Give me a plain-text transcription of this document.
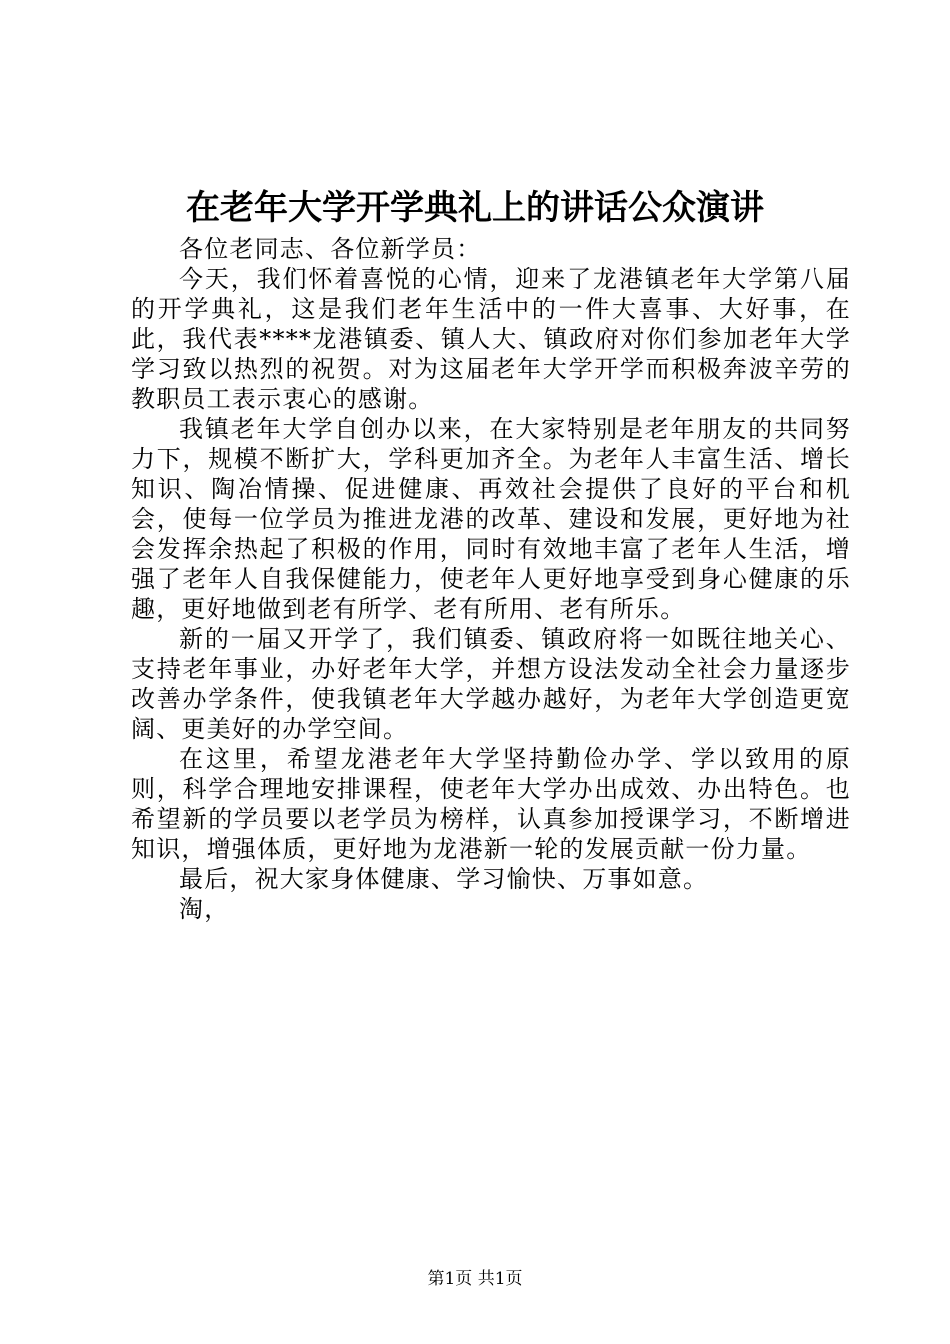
在老年大学开学典礼上的讲话公众演讲

各位老同志、各位新学员：

今天，我们怀着喜悦的心情，迎来了龙港镇老年大学第八届的开学典礼，这是我们老年生活中的一件大喜事、大好事，在此，我代表****龙港镇委、镇人大、镇政府对你们参加老年大学学习致以热烈的祝贺。对为这届老年大学开学而积极奔波辛劳的教职员工表示衷心的感谢。

我镇老年大学自创办以来，在大家特别是老年朋友的共同努力下，规模不断扩大，学科更加齐全。为老年人丰富生活、增长知识、陶冶情操、促进健康、再效社会提供了良好的平台和机会，使每一位学员为推进龙港的改革、建设和发展，更好地为社会发挥余热起了积极的作用，同时有效地丰富了老年人生活，增强了老年人自我保健能力，使老年人更好地享受到身心健康的乐趣，更好地做到老有所学、老有所用、老有所乐。

新的一届又开学了，我们镇委、镇政府将一如既往地关心、支持老年事业，办好老年大学，并想方设法发动全社会力量逐步改善办学条件，使我镇老年大学越办越好，为老年大学创造更宽阔、更美好的办学空间。

在这里，希望龙港老年大学坚持勤俭办学、学以致用的原则，科学合理地安排课程，使老年大学办出成效、办出特色。也希望新的学员要以老学员为榜样，认真参加授课学习，不断增进知识，增强体质，更好地为龙港新一轮的发展贡献一份力量。

最后，祝大家身体健康、学习愉快、万事如意。

淘，

第1页 共1页
